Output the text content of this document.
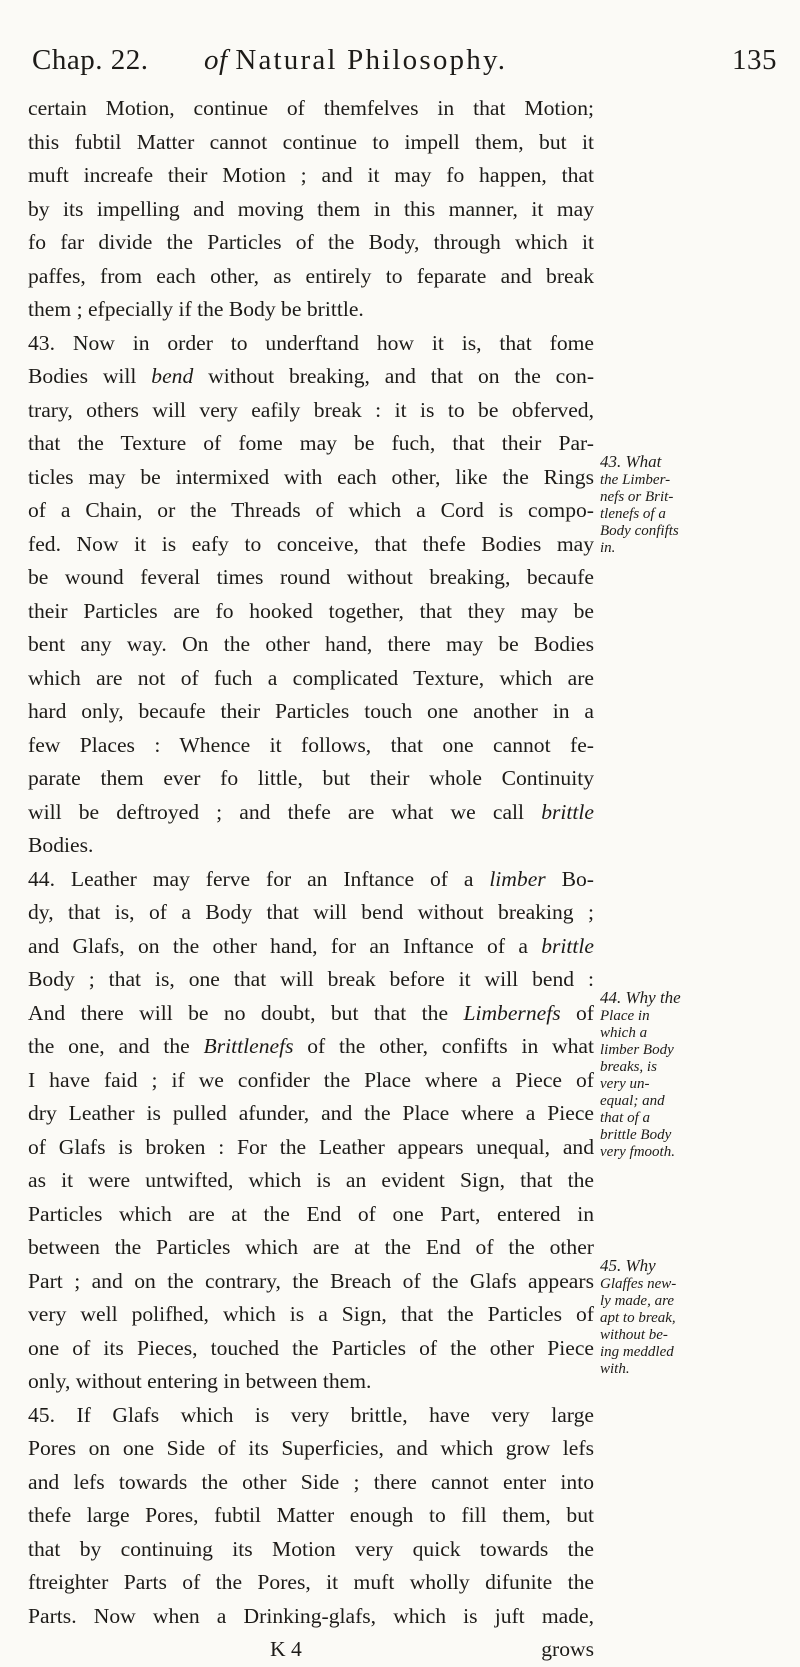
Chap. 22. of Natural Philosophy.	135
certain Motion, continue of themfelves in that Motion;
this fubtil Matter cannot continue to impell them, but it
muft increafe their Motion ; and it may fo happen, that
by its impelling and moving them in this manner, it may
fo far divide the Particles of the Body, through which it
paffes, from each other, as entirely to feparate and break
them ; efpecially if the Body be brittle.
43. Now in order to underftand how it is, that fome
Bodies will bend without breaking, and that on the con-
trary, others will very eafily break : it is to be obferved,
that the Texture of fome may be fuch, that their Par-
ticles may be intermixed with each other, like the Rings
of a Chain, or the Threads of which a Cord is compo-
fed. Now it is eafy to conceive, that thefe Bodies may
be wound feveral times round without breaking, becaufe
their Particles are fo hooked together, that they may be
bent any way. On the other hand, there may be Bodies
which are not of fuch a complicated Texture, which are
hard only, becaufe their Particles touch one another in a
few Places : Whence it follows, that one cannot fe-
parate them ever fo little, but their whole Continuity
will be deftroyed ; and thefe are what we call brittle
Bodies.
44. Leather may ferve for an Inftance of a limber Bo-
dy, that is, of a Body that will bend without breaking ;
and Glafs, on the other hand, for an Inftance of a brittle
Body ; that is, one that will break before it will bend :
And there will be no doubt, but that the Limbernefs of
the one, and the Brittlenefs of the other, confifts in what
I have faid ; if we confider the Place where a Piece of
dry Leather is pulled afunder, and the Place where a Piece
of Glafs is broken : For the Leather appears unequal, and
as it were untwifted, which is an evident Sign, that the
Particles which are at the End of one Part, entered in
between the Particles which are at the End of the other
Part ; and on the contrary, the Breach of the Glafs appears
very well polifhed, which is a Sign, that the Particles of
one of its Pieces, touched the Particles of the other Piece
only, without entering in between them.
45. If Glafs which is very brittle, have very large
Pores on one Side of its Superficies, and which grow lefs
and lefs towards the other Side ; there cannot enter into
thefe large Pores, fubtil Matter enough to fill them, but
that by continuing its Motion very quick towards the
ftreighter Parts of the Pores, it muft wholly difunite the
Parts. Now when a Drinking-glafs, which is juft made,
K 4	grows
43. What
the Limber-
nefs or Brit-
tlenefs of a
Body confifts
in.
44. Why the
Place in
which a
limber Body
breaks, is
very un-
equal; and
that of a
brittle Body
very fmooth.
45. Why
Glaffes new-
ly made, are
apt to break,
without be-
ing meddled
with.
